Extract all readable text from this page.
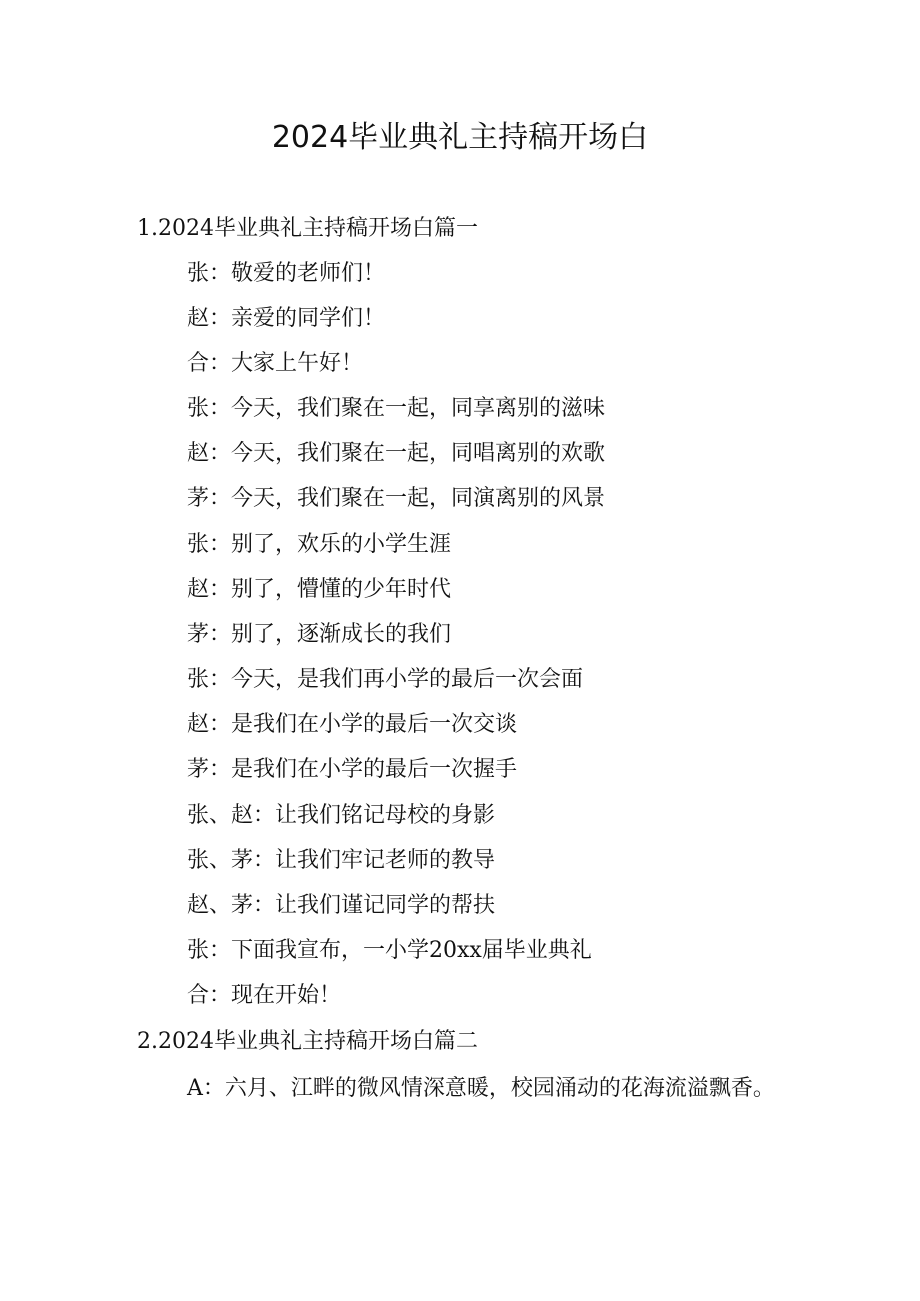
2024毕业典礼主持稿开场白
1.2024毕业典礼主持稿开场白篇一
张：敬爱的老师们！
赵：亲爱的同学们！
合：大家上午好！
张：今天，我们聚在一起，同享离别的滋味
赵：今天，我们聚在一起，同唱离别的欢歌
茅：今天，我们聚在一起，同演离别的风景
张：别了，欢乐的小学生涯
赵：别了，懵懂的少年时代
茅：别了，逐渐成长的我们
张：今天，是我们再小学的最后一次会面
赵：是我们在小学的最后一次交谈
茅：是我们在小学的最后一次握手
张、赵：让我们铭记母校的身影
张、茅：让我们牢记老师的教导
赵、茅：让我们谨记同学的帮扶
张：下面我宣布，一小学20xx届毕业典礼
合：现在开始！
2.2024毕业典礼主持稿开场白篇二

A：六月、江畔的微风情深意暖，校园涌动的花海流溢飘香。
